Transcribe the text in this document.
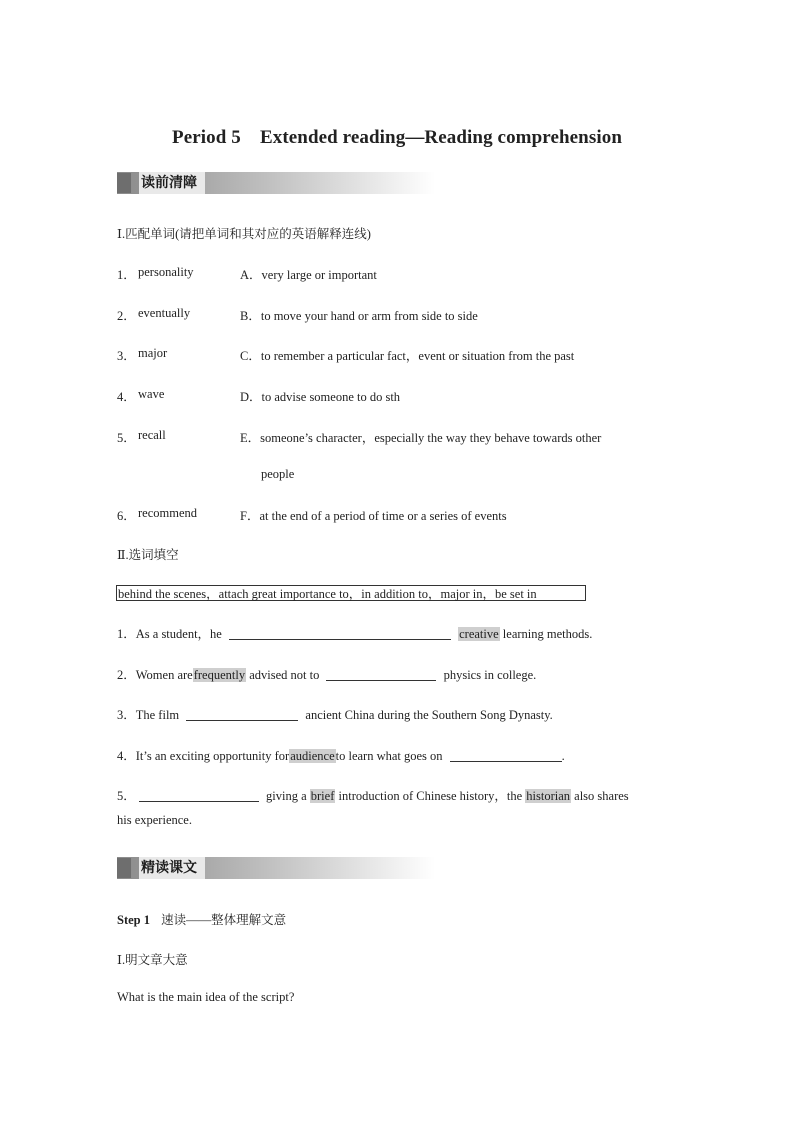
Period 5　Extended reading—Reading comprehension
读前清障
Ⅰ.匹配单词(请把单词和其对应的英语解释连线)
1． personality	A．very large or important
2． eventually	B．to move your hand or arm from side to side
3． major	C．to remember a particular fact，event or situation from the past
4． wave	D．to advise someone to do sth
5． recall	E．someone’s character，especially the way they behave towards other
people
6． recommend	F．at the end of a period of time or a series of events
Ⅱ.选词填空
behind the scenes，attach great importance to，in addition to，major in，be set in
1．As a student，he	creative learning methods.
2．Women arefrequently advised not to	physics in college.
3．The film	ancient China during the Southern Song Dynasty.
4．It’s an exciting opportunity foraudienceto learn what goes on	.
5．	giving a brief introduction of Chinese history，the historian also shares
his experience.
精读课文
Step 1 速读——整体理解文意
Ⅰ.明文章大意
What is the main idea of the script?
